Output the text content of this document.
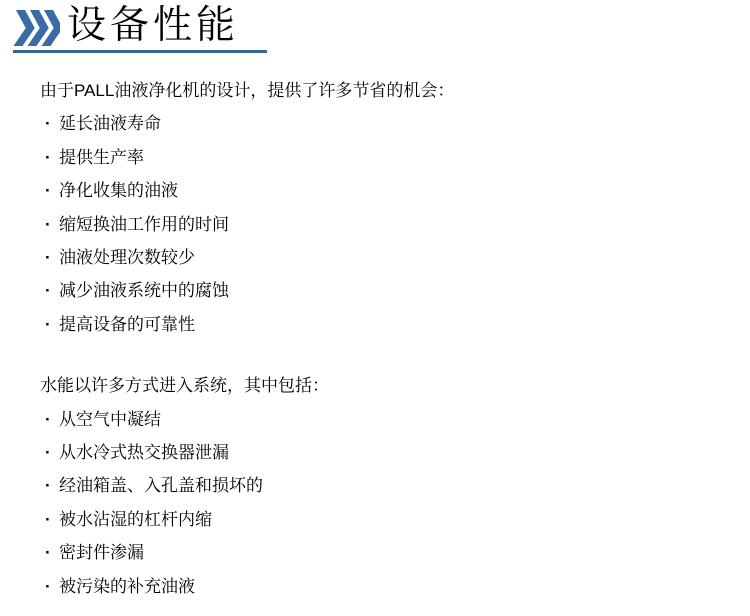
设备性能

由于PALL油液净化机的设计，提供了许多节省的机会：

· 延长油液寿命
· 提供生产率
· 净化收集的油液
· 缩短换油工作用的时间
· 油液处理次数较少
· 减少油液系统中的腐蚀
· 提高设备的可靠性

水能以许多方式进入系统，其中包括：

· 从空气中凝结
· 从水冷式热交换器泄漏
· 经油箱盖、入孔盖和损坏的
· 被水沾湿的杠杆内缩
· 密封件渗漏
· 被污染的补充油液
